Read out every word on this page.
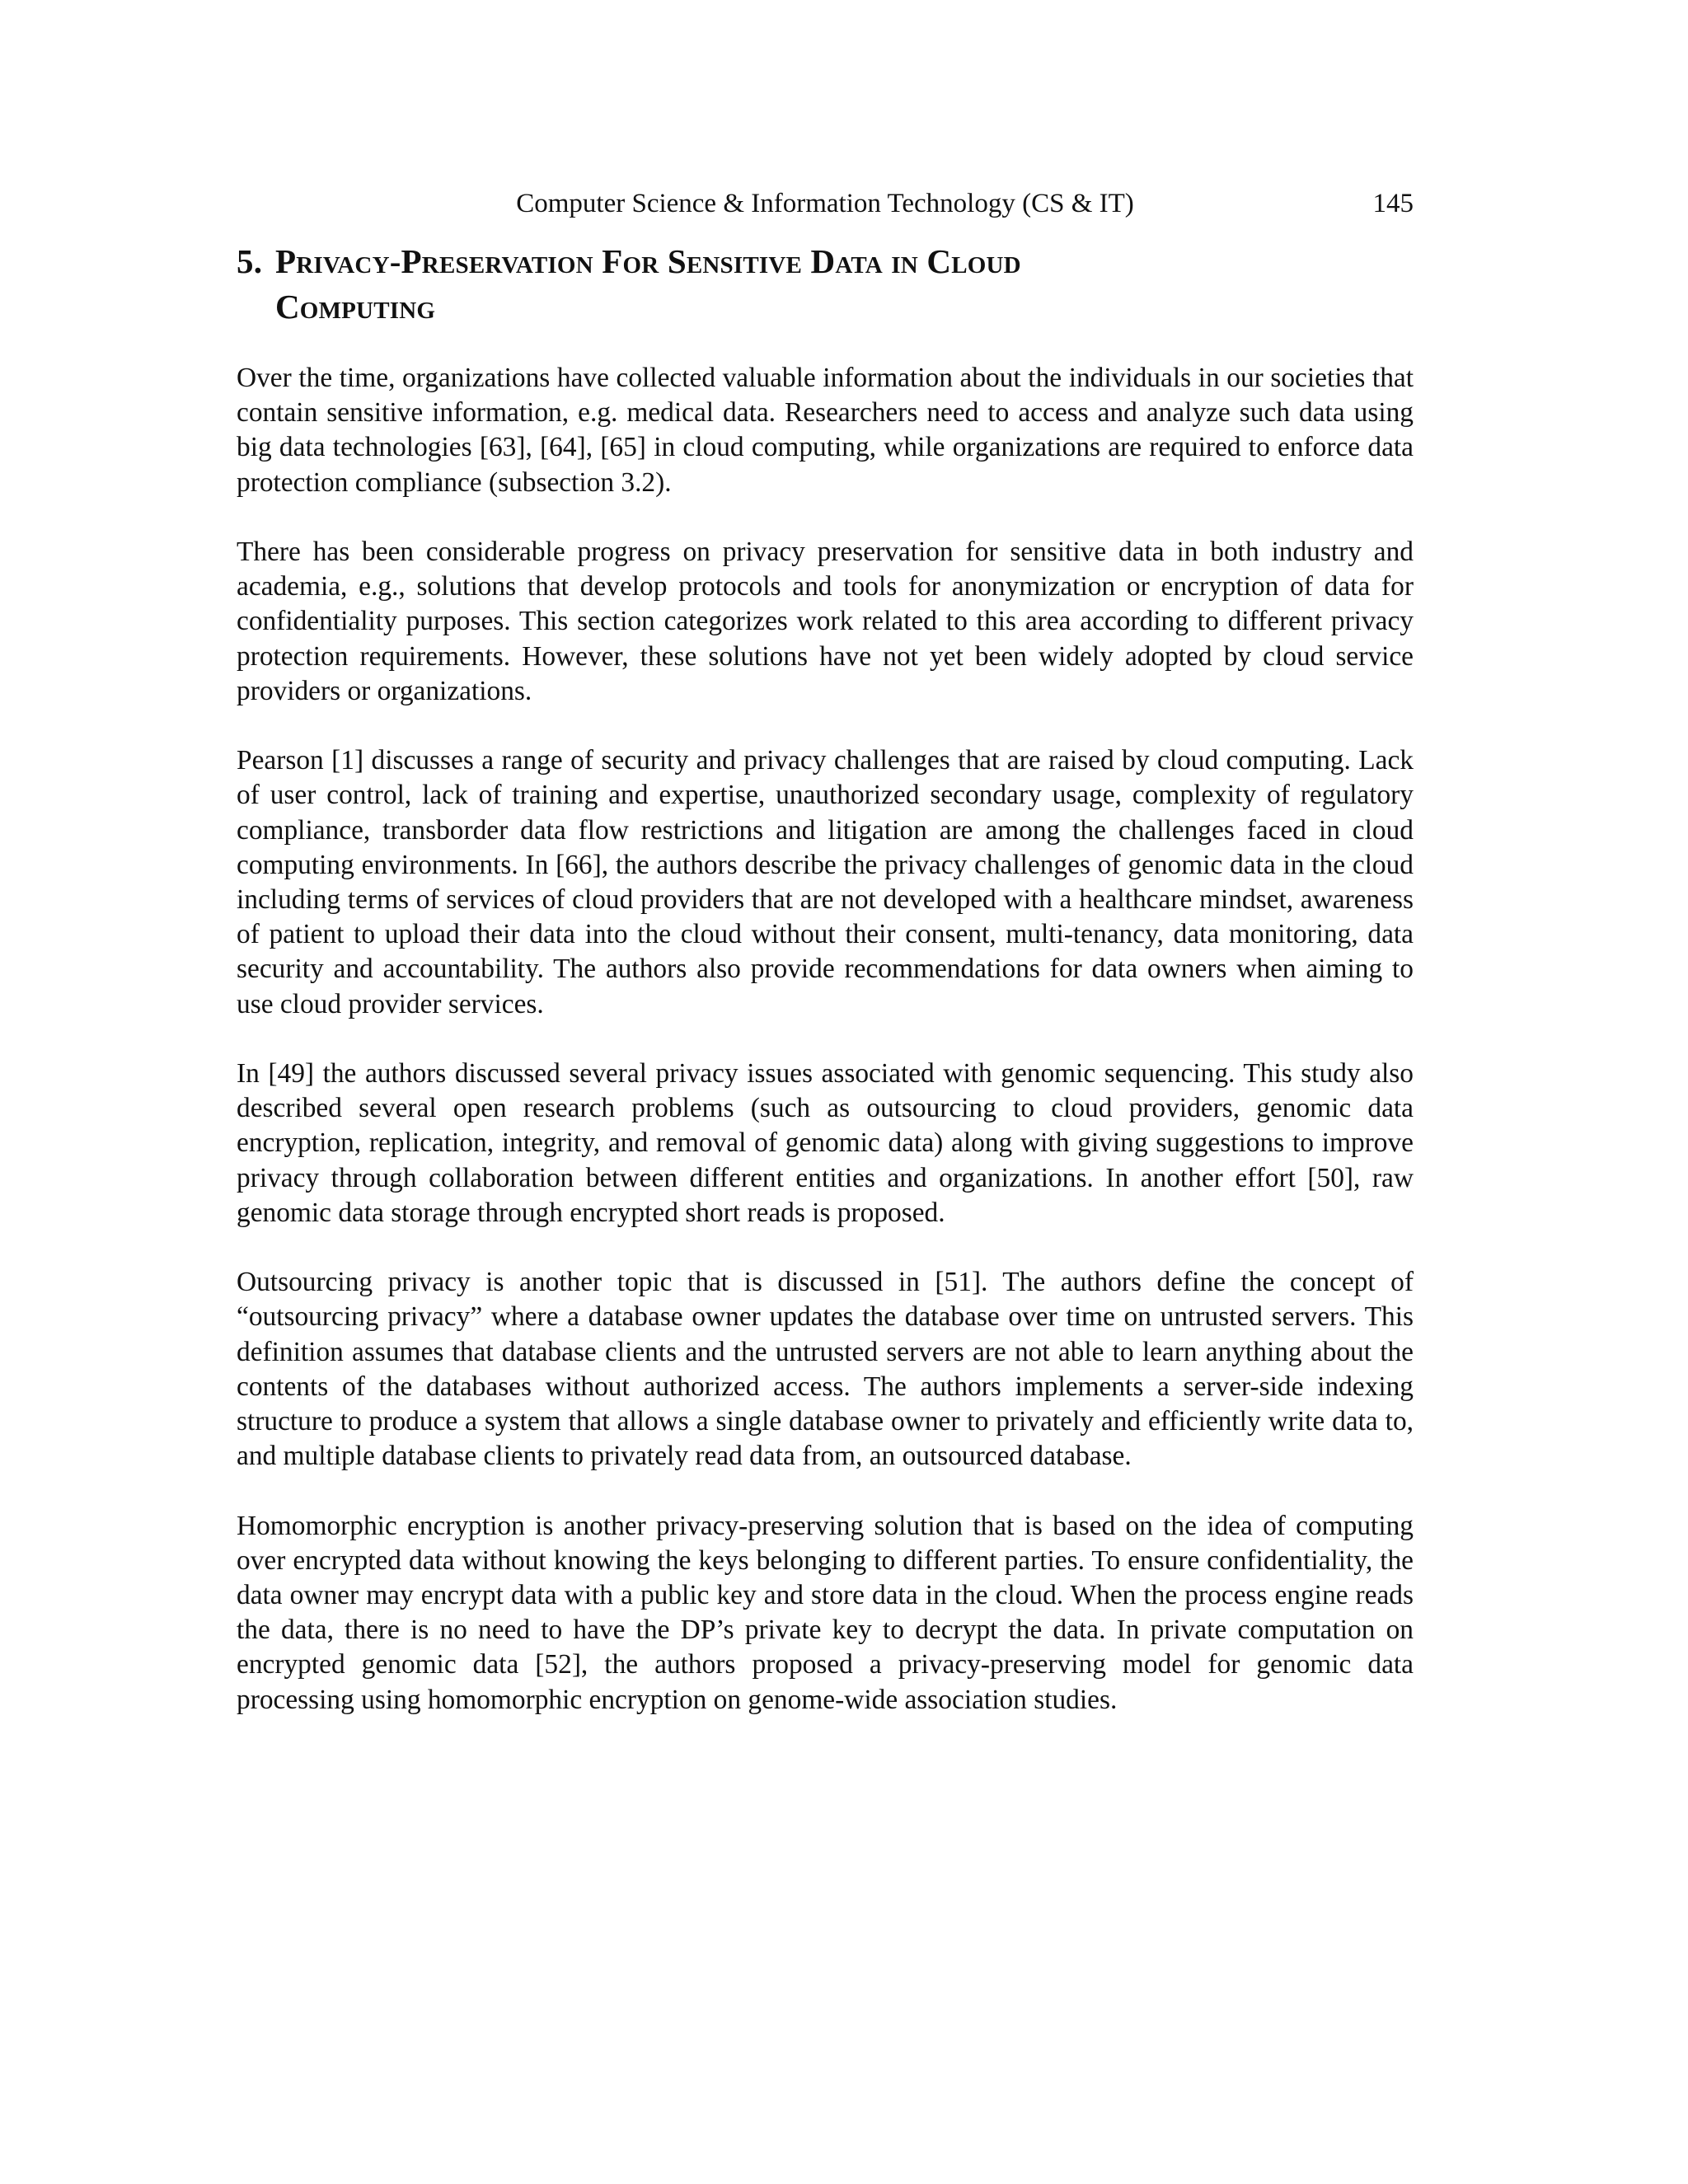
Computer Science & Information Technology (CS & IT)	145
5. Privacy-Preservation For Sensitive Data in Cloud
Computing

Over the time, organizations have collected valuable information about the individuals in our societies that contain sensitive information, e.g. medical data. Researchers need to access and analyze such data using big data technologies [63], [64], [65] in cloud computing, while organizations are required to enforce data protection compliance (subsection 3.2).

There has been considerable progress on privacy preservation for sensitive data in both industry and academia, e.g., solutions that develop protocols and tools for anonymization or encryption of data for confidentiality purposes. This section categorizes work related to this area according to different privacy protection requirements. However, these solutions have not yet been widely adopted by cloud service providers or organizations.

Pearson [1] discusses a range of security and privacy challenges that are raised by cloud computing. Lack of user control, lack of training and expertise, unauthorized secondary usage, complexity of regulatory compliance, transborder data flow restrictions and litigation are among the challenges faced in cloud computing environments. In [66], the authors describe the privacy challenges of genomic data in the cloud including terms of services of cloud providers that are not developed with a healthcare mindset, awareness of patient to upload their data into the cloud without their consent, multi-tenancy, data monitoring, data security and accountability. The authors also provide recommendations for data owners when aiming to use cloud provider services.

In [49] the authors discussed several privacy issues associated with genomic sequencing. This study also described several open research problems (such as outsourcing to cloud providers, genomic data encryption, replication, integrity, and removal of genomic data) along with giving suggestions to improve privacy through collaboration between different entities and organizations. In another effort [50], raw genomic data storage through encrypted short reads is proposed.

Outsourcing privacy is another topic that is discussed in [51]. The authors define the concept of “outsourcing privacy” where a database owner updates the database over time on untrusted servers. This definition assumes that database clients and the untrusted servers are not able to learn anything about the contents of the databases without authorized access. The authors implements a server-side indexing structure to produce a system that allows a single database owner to privately and efficiently write data to, and multiple database clients to privately read data from, an outsourced database.

Homomorphic encryption is another privacy-preserving solution that is based on the idea of computing over encrypted data without knowing the keys belonging to different parties. To ensure confidentiality, the data owner may encrypt data with a public key and store data in the cloud. When the process engine reads the data, there is no need to have the DP’s private key to decrypt the data. In private computation on encrypted genomic data [52], the authors proposed a privacy-preserving model for genomic data processing using homomorphic encryption on genome-wide association studies.
